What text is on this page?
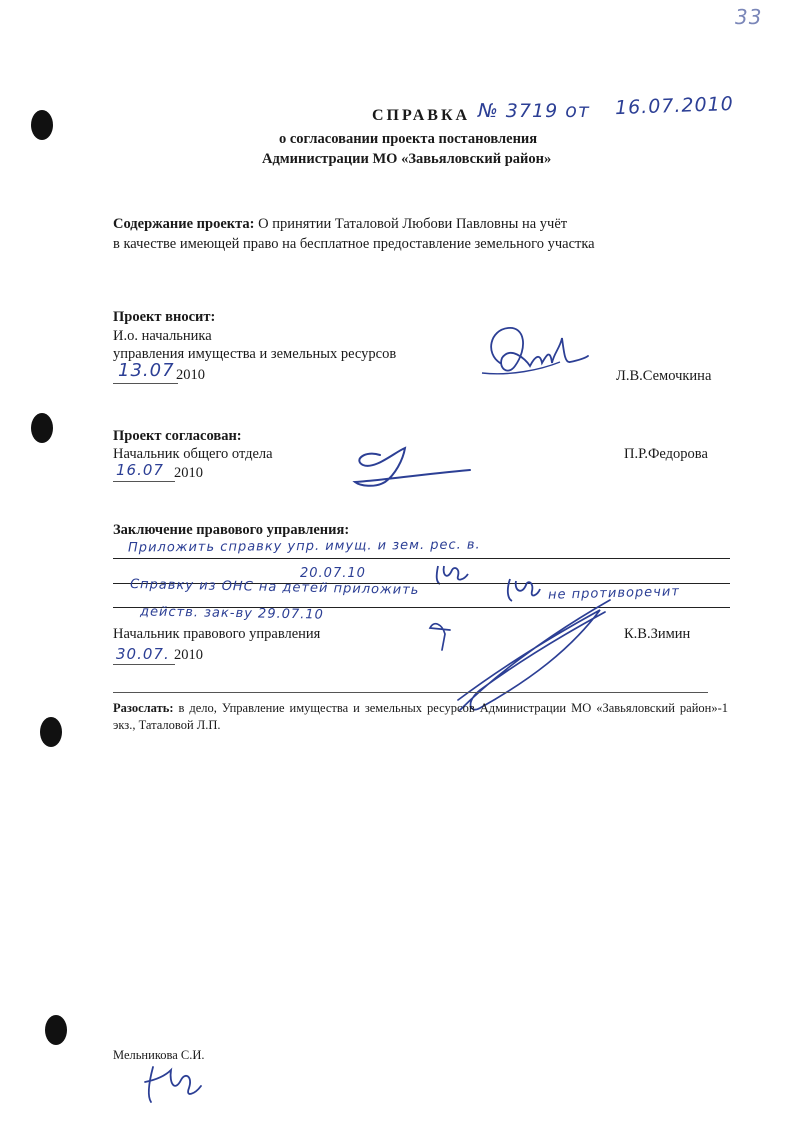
33
СПРАВКА № 3719 от 16.07.2010
о согласовании проекта постановления
Администрации МО «Завьяловский район»
Содержание проекта: О принятии Таталовой Любови Павловны на учёт
в качестве имеющей право на бесплатное предоставление земельного участка
Проект вносит:
И.о. начальника
управления имущества и земельных ресурсов
13.07 2010	Л.В.Семочкина
Проект согласован:
Начальник общего отдела
16.07 2010
П.Р.Федорова
Заключение правового управления:
Приложить справку упр. имущ. и зем. рес. в.
20.07.10
Справку из ОНС на детей приложить	не противоречит
действ. зак-ву 29.07.10
Начальник правового управления
30.07. 2010
К.В.Зимин
Разослать: в дело, Управление имущества и земельных ресурсов Администрации МО «Завьяловский район»-1 экз., Таталовой Л.П.
Мельникова С.И.
